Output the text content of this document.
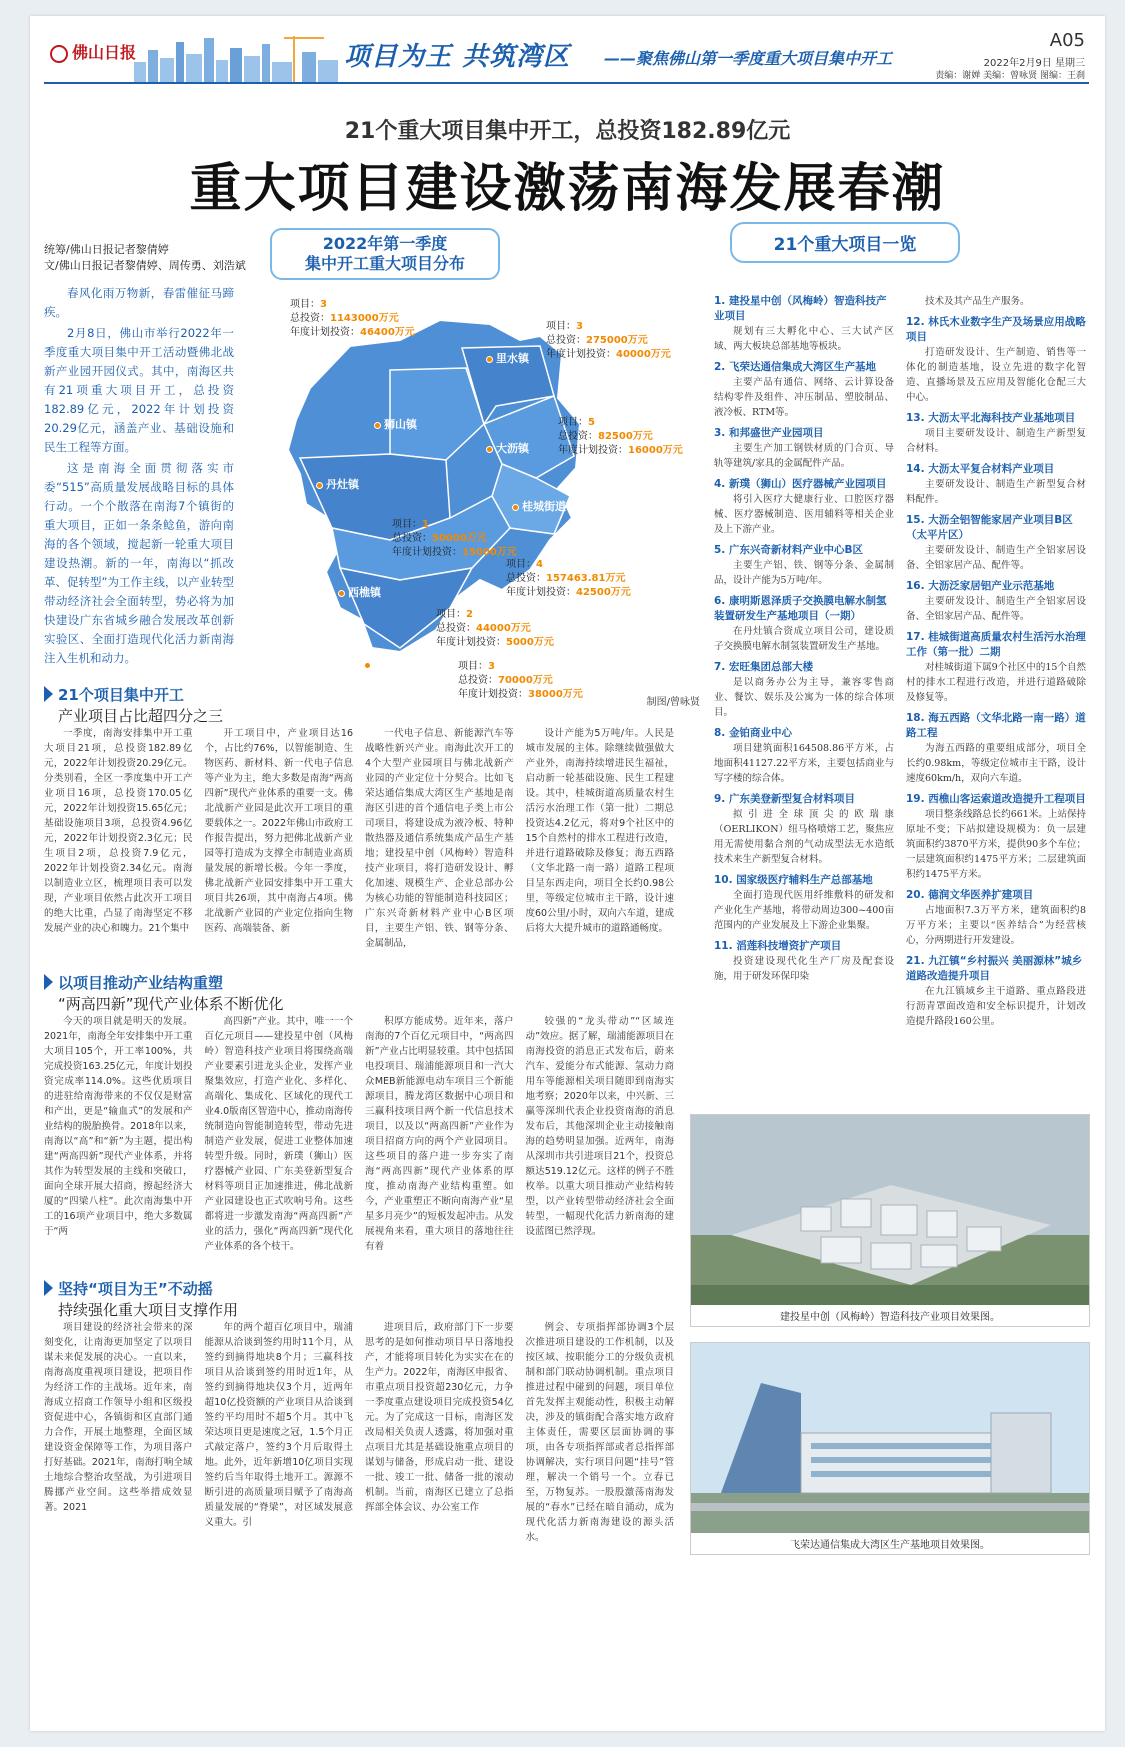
佛山日报	项目为王 共筑湾区 ——聚焦佛山第一季度重大项目集中开工
A05
2022年2月9日 星期三
责编：谢婵 美编：曾咏贤 图编：王刹
21个重大项目集中开工，总投资182.89亿元
重大项目建设激荡南海发展春潮
统筹/佛山日报记者黎倩婷
文/佛山日报记者黎倩婷、周传勇、刘浩斌

春风化雨万物新，春雷催征马蹄疾。

2月8日，佛山市举行2022年一季度重大项目集中开工活动暨佛北战新产业园开园仪式。其中，南海区共有21项重大项目开工，总投资182.89亿元，2022年计划投资20.29亿元，涵盖产业、基础设施和民生工程等方面。

这是南海全面贯彻落实市委“515”高质量发展战略目标的具体行动。一个个散落在南海7个镇街的重大项目，正如一条条鲶鱼，游向南海的各个领域，搅起新一轮重大项目建设热潮。新的一年，南海以“抓改革、促转型”为工作主线，以产业转型带动经济社会全面转型，势必将为加快建设广东省城乡融合发展改革创新实验区、全面打造现代化活力新南海注入生机和动力。

2022年第一季度
集中开工重大项目分布
里水镇
狮山镇
大沥镇
丹灶镇
桂城街道
西樵镇
九江镇
项目：3
总投资：1143000万元
年度计划投资：46400万元
项目：3
总投资：275000万元
年度计划投资：40000万元
项目：5
总投资：82500万元
年度计划投资：16000万元
项目：1
总投资：50000万元
年度计划投资：15000万元
项目：4
总投资：157463.81万元
年度计划投资：42500万元
项目：2
总投资：44000万元
年度计划投资：5000万元
项目：3
总投资：70000万元
年度计划投资：38000万元
制图/曾咏贤
21个重大项目一览
1. 建投星中创（风梅岭）智造科技产业项目
规划有三大孵化中心、三大试产区域、两大板块总部基地等板块。
2. 飞荣达通信集成大湾区生产基地
主要产品有通信、网络、云计算设备结构零件及组件、冲压制品、塑胶制品、液冷板、RTM等。
3. 和邦盛世产业园项目
主要生产加工钢铁材质的门合页、导轨等建筑/家具的金属配件产品。
4. 新璞（狮山）医疗器械产业园项目
将引入医疗大健康行业、口腔医疗器械、医疗器械制造、医用辅料等相关企业及上下游产业。
5. 广东兴奇新材料产业中心B区
主要生产铝、铁、钢等分条、金属制品，设计产能为5万吨/年。
6. 康明斯恩泽质子交换膜电解水制氢装置研发生产基地项目（一期）
在丹灶镇合资成立项目公司，建设质子交换膜电解水制氢装置研发生产基地。
7. 宏旺集团总部大楼
是以商务办公为主导，兼容零售商业、餐饮、娱乐及公寓为一体的综合体项目。
8. 金铂商业中心
项目建筑面积164508.86平方米，占地面积41127.22平方米，主要包括商业与写字楼的综合体。
9. 广东美登新型复合材料项目
拟引进全球顶尖的欧瑞康（OERLIKON）纽马格喷熔工艺，聚焦应用无需使用黏合剂的气动成型法无水造纸技术来生产新型复合材料。
10. 国家级医疗辅料生产总部基地
全面打造现代医用纤维敷料的研发和产业化生产基地，将带动周边300~400亩范围内的产业发展及上下游企业集聚。
11. 滔莲科技增资扩产项目
投资建设现代化生产厂房及配套设施，用于研发环保印染
技术及其产品生产服务。
12. 林氏木业数字生产及场景应用战略项目
打造研发设计、生产制造、销售等一体化的制造基地，设立先进的数字化智造、直播场景及五应用及智能化仓配三大中心。
13. 大沥太平北海科技产业基地项目
项目主要研发设计、制造生产新型复合材料。
14. 大沥太平复合材料产业项目
主要研发设计、制造生产新型复合材料配件。
15. 大沥全铝智能家居产业项目B区（太平片区）
主要研发设计、制造生产全铝家居设备、全铝家居产品、配件等。
16. 大沥泛家居铝产业示范基地
主要研发设计、制造生产全铝家居设备、全铝家居产品、配件等。
17. 桂城街道高质量农村生活污水治理工作（第一批）二期
对桂城街道下属9个社区中的15个自然村的排水工程进行改造，并进行道路破除及修复等。
18. 海五西路（文华北路一南一路）道路工程
为海五西路的重要组成部分，项目全长约0.98km，等级定位城市主干路，设计速度60km/h，双向六车道。
19. 西樵山客运索道改造提升工程项目
项目整条线路总长约661米。上站保持原址不变；下站拟建设规模为：负一层建筑面积约3870平方米，提供90多个车位；一层建筑面积约1475平方米；二层建筑面积约1475平方米。
20. 德润文华医养扩建项目
占地面积7.3万平方米，建筑面积约8万平方米；主要以“医养结合”为经营核心，分两期进行开发建设。
21. 九江镇“乡村振兴 美丽源林”城乡道路改造提升项目
在九江镇域乡主干道路、重点路段进行沥青罩面改造和安全标识提升，计划改造提升路段160公里。
21个项目集中开工
产业项目占比超四分之三
一季度，南海安排集中开工重大项目21项，总投资182.89亿元，2022年计划投资20.29亿元。分类别看，全区一季度集中开工产业项目16项，总投资170.05亿元，2022年计划投资15.65亿元；基础设施项目3项，总投资4.96亿元，2022年计划投资2.3亿元；民生项目2项，总投资7.9亿元，2022年计划投资2.34亿元。南海以制造业立区，梳理项目表可以发现，产业项目依然占此次开工项目的绝大比重，凸显了南海坚定不移发展产业的决心和魄力。21个集中
开工项目中，产业项目达16个，占比约76%，以智能制造、生物医药、新材料、新一代电子信息等产业为主，绝大多数是南海“两高四新”现代产业体系的重要一支。佛北战新产业园是此次开工项目的重要载体之一。2022年佛山市政府工作报告提出，努力把佛北战新产业园等打造成为支撑全市制造业高质量发展的新增长极。今年一季度，佛北战新产业园安排集中开工重大项目共26项，其中南海占4项。佛北战新产业园的产业定位指向生物医药、高端装备、新
一代电子信息、新能源汽车等战略性新兴产业。南海此次开工的4个大型产业园项目与佛北战新产业园的产业定位十分契合。比如飞荣达通信集成大湾区生产基地是南海区引进的首个通信电子类上市公司项目，将建设成为液冷板、特种散热器及通信系统集成产品生产基地；建投星中创（风梅岭）智造科技产业项目，将打造研发设计、孵化加速、规模生产、企业总部办公为核心功能的智能制造科技园区；广东兴奇新材料产业中心B区项目，主要生产铝、铁、钢等分条、金属制品，
设计产能为5万吨/年。人民是城市发展的主体。除继续做强做大产业外，南海持续增进民生福祉，启动新一轮基础设施、民生工程建设。其中，桂城街道高质量农村生活污水治理工作（第一批）二期总投资达4.2亿元，将对9个社区中的15个自然村的排水工程进行改造，并进行道路破除及修复；海五西路（文华北路一南一路）道路工程项目呈东西走向，项目全长约0.98公里，等级定位城市主干路，设计速度60公里/小时，双向六车道，建成后将大大提升城市的道路通畅度。
以项目推动产业结构重塑
“两高四新”现代产业体系不断优化
今天的项目就是明天的发展。2021年，南海全年安排集中开工重大项目105个，开工率100%，共完成投资163.25亿元，年度计划投资完成率114.0%。这些优质项目的进驻给南海带来的不仅仅是财富和产出，更是“输血式”的发展和产业结构的脱胎换骨。2018年以来，南海以“高”和“新”为主题，提出构建“两高四新”现代产业体系，并将其作为转型发展的主线和突破口，面向全球开展大招商，擦起经济大厦的“四梁八柱”。此次南海集中开工的16项产业项目中，绝大多数属于“两
高四新”产业。其中，唯一一个百亿元项目——建投星中创（风梅岭）智造科技产业项目将围绕高端产业要素引进龙头企业，发挥产业聚集效应，打造产业化、多样化、高端化、集成化、区域化的现代工业4.0版南区智造中心，推动南海传统制造向智能制造转型，带动先进制造产业发展，促进工业整体加速转型升级。同时，新璞（狮山）医疗器械产业园、广东美登新型复合材料等项目正加速推进，佛北战新产业园建设也正式吹响号角。这些都将进一步激发南海“两高四新”产业的活力，强化“两高四新”现代化产业体系的各个枝干。
积厚方能成势。近年来，落户南海的7个百亿元项目中，“两高四新”产业占比明显较重。其中包括国电投项目、瑞浦能源项目和一汽大众MEB新能源电动车项目三个新能源项目，腾龙湾区数据中心项目和三赢科技项目两个新一代信息技术项目，以及以“两高四新”产业作为项目招商方向的两个产业园项目。这些项目的落户进一步夯实了南海“两高四新”现代产业体系的厚度，推动南海产业结构重塑。如今，产业重塑正不断向南海产业“星星多月亮少”的短板发起冲击。从发展视角来看，重大项目的落地往往有着
较强的“龙头带动”“区域连动”效应。据了解，瑞浦能源项目在南海投资的消息正式发布后，蔚来汽车、爱能分布式能源、氢动力商用车等能源相关项目随即到南海实地考察；2020年以来，中兴新、三赢等深圳代表企业投资南海的消息发布后，其他深圳企业主动接触南海的趋势明显加强。近两年，南海从深圳市共引进项目21个，投资总额达519.12亿元。这样的例子不胜枚举。以重大项目推动产业结构转型，以产业转型带动经济社会全面转型，一幅现代化活力新南海的建设蓝图已然浮现。
坚持“项目为王”不动摇
持续强化重大项目支撑作用
项目建设的经济社会带来的深刻变化，让南海更加坚定了以项目谋未来促发展的决心。一直以来，南海高度重视项目建设，把项目作为经济工作的主战场。近年来，南海成立招商工作领导小组和区级投资促进中心，各镇街和区直部门通力合作，开展土地整理，全面区域建设资金保障等工作，为项目落户打好基础。2021年，南海打响全域土地综合整治攻坚战，为引进项目腾挪产业空间。这些举措成效显著。2021
年的两个超百亿项目中，瑞浦能源从洽谈到签约用时11个月，从签约到摘得地块8个月；三赢科技项目从洽谈到签约用时近1年，从签约到摘得地块仅3个月，近两年超10亿投资额的产业项目从洽谈到签约平均用时不超5个月。其中飞荣达项目更是速度之冠，1.5个月正式敲定落户，签约3个月后取得土地。此外，近年新增10亿项目实现签约后当年取得土地开工。源源不断引进的高质量项目赋予了南海高质量发展的“脊梁”，对区域发展意义重大。引
进项目后，政府部门下一步要思考的是如何推动项目早日落地投产，才能将项目转化为实实在在的生产力。2022年，南海区申报省、市重点项目投资超230亿元，力争一季度重点建设项目完成投资54亿元。为了完成这一目标，南海区发改局相关负责人透露，将加强对重点项目尤其是基础设施重点项目的谋划与储备，形成启动一批、建设一批、竣工一批、储备一批的滚动机制。当前，南海区已建立了总指挥部全体会议、办公室工作
例会、专项指挥部协调3个层次推进项目建设的工作机制，以及按区域、按职能分工的分级负责机制和部门联动协调机制。重点项目推进过程中碰到的问题，项目单位首先发挥主观能动性，积极主动解决，涉及的镇街配合落实地方政府主体责任，需要区层面协调的事项，由各专项指挥部或者总指挥部协调解决，实行项目问题“挂号”管理，解决一个销号一个。立春已至，万物复苏。一股股激荡南海发展的“春水”已经在暗自涌动，成为现代化活力新南海建设的源头活水。
建投星中创（风梅岭）智造科技产业项目效果图。
飞荣达通信集成大湾区生产基地项目效果图。
